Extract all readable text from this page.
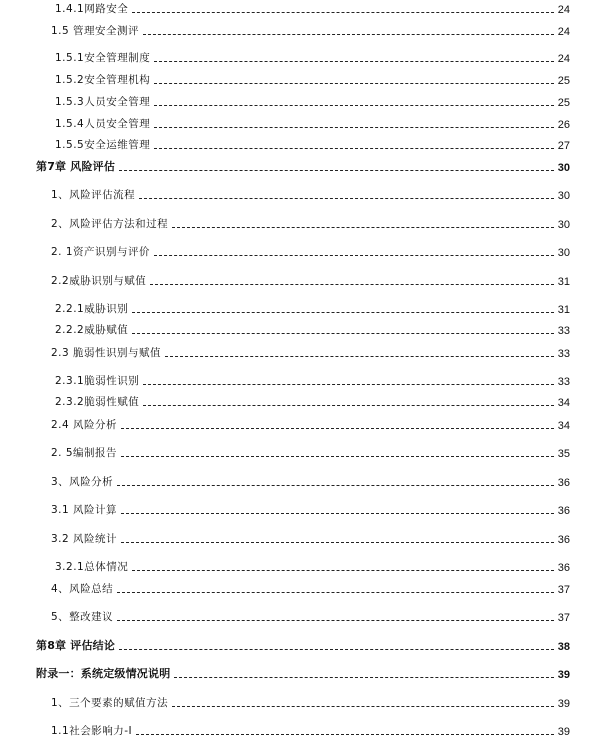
1.4.1网路安全	24
1.5 管理安全测评	24
1.5.1安全管理制度	24
1.5.2安全管理机构	25
1.5.3人员安全管理	25
1.5.4人员安全管理	26
1.5.5安全运维管理	27
第7章 风险评估	30
1、风险评估流程	30
2、风险评估方法和过程	30
2. 1资产识别与评价	30
2.2威胁识别与赋值	31
2.2.1威胁识别	31
2.2.2威胁赋值	33
2.3 脆弱性识别与赋值	33
2.3.1脆弱性识别	33
2.3.2脆弱性赋值	34
2.4 风险分析	34
2. 5编制报告	35
3、风险分析	36
3.1 风险计算	36
3.2 风险统计	36
3.2.1总体情况	36
4、风险总结	37
5、整改建议	37
第8章 评估结论	38
附录一：系统定级情况说明	39
1、三个要素的赋值方法	39
1.1社会影响力-I	39
